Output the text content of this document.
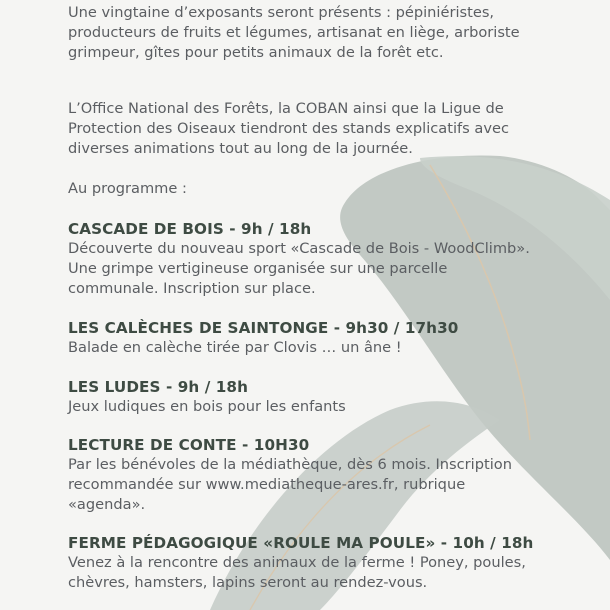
Une vingtaine d’exposants seront présents : pépiniéristes, producteurs de fruits et légumes, artisanat en liège, arboriste grimpeur, gîtes pour petits animaux de la forêt etc.

L’Office National des Forêts, la COBAN ainsi que la Ligue de Protection des Oiseaux tiendront des stands explicatifs avec diverses animations tout au long de la journée.

Au programme :

CASCADE DE BOIS - 9h / 18h

Découverte du nouveau sport «Cascade de Bois - WoodClimb». Une grimpe vertigineuse organisée sur une parcelle communale. Inscription sur place.

LES CALÈCHES DE SAINTONGE - 9h30 / 17h30

Balade en calèche tirée par Clovis … un âne !

LES LUDES - 9h / 18h

Jeux ludiques en bois pour les enfants

LECTURE DE CONTE - 10H30

Par les bénévoles de la médiathèque, dès 6 mois. Inscription recommandée sur www.mediatheque-ares.fr, rubrique «agenda».

FERME PÉDAGOGIQUE «ROULE MA POULE» - 10h / 18h

Venez à la rencontre des animaux de la ferme ! Poney, poules, chèvres, hamsters, lapins seront au rendez-vous.
